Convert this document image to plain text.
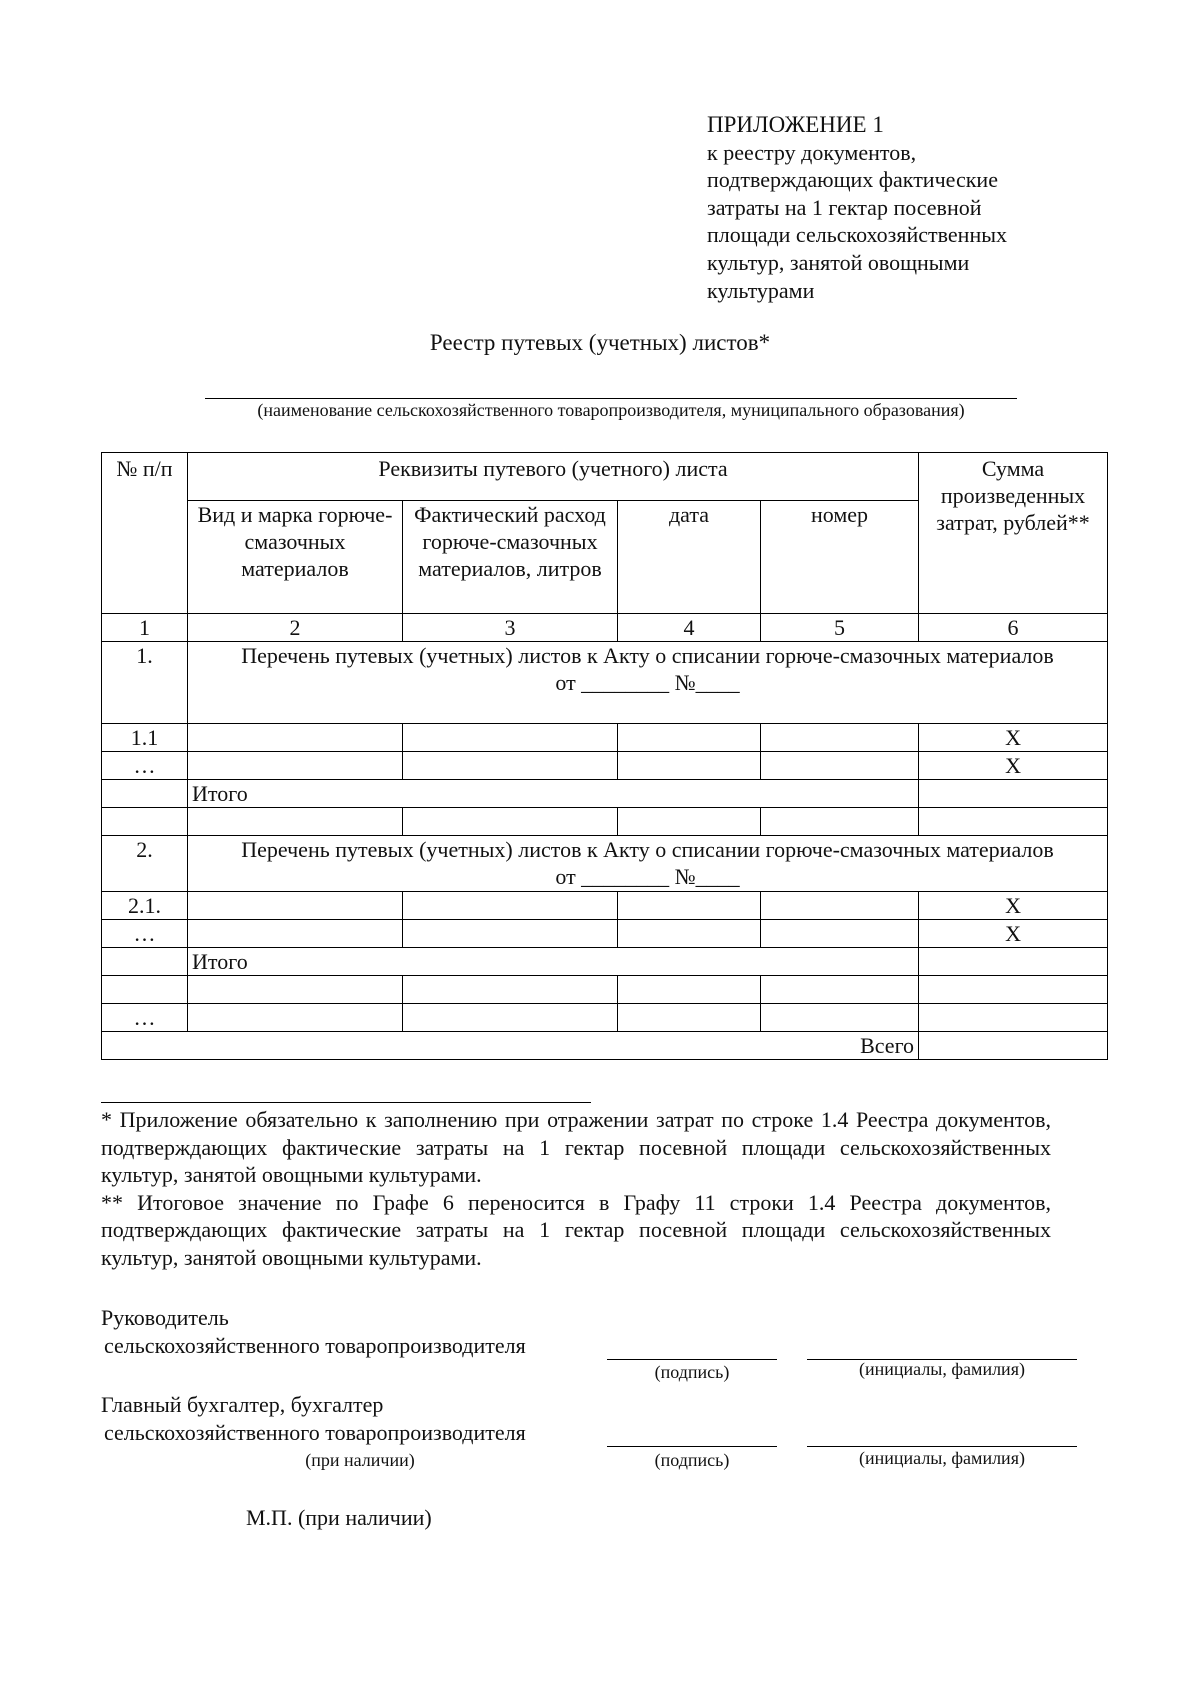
ПРИЛОЖЕНИЕ 1
к реестру документов,
подтверждающих фактические
затраты на 1 гектар посевной
площади сельскохозяйственных
культур, занятой овощными
культурами
Реестр путевых (учетных) листов*
(наименование сельскохозяйственного товаропроизводителя, муниципального образования)
№ п/п	Реквизиты путевого (учетного) листа				Сумма произведенных затрат, рублей**
	Вид и марка горюче-смазочных материалов	Фактический расход горюче-смазочных материалов, литров	дата	номер	
1	2	3	4	5	6
1.	Перечень путевых (учетных) листов к Акту о списании горюче-смазочных материалов
от ________ №____				

1.1					X
…					X
	Итого				

2.	Перечень путевых (учетных) листов к Акту о списании горюче-смазочных материалов
от ________ №____				

2.1.					X
…					X
	Итого				

…					
Всего					

* Приложение обязательно к заполнению при отражении затрат по строке 1.4 Реестра документов, подтверждающих фактические затраты на 1 гектар посевной площади сельскохозяйственных культур, занятой овощными культурами.

** Итоговое значение по Графе 6 переносится в Графу 11 строки 1.4 Реестра документов, подтверждающих фактические затраты на 1 гектар посевной площади сельскохозяйственных культур, занятой овощными культурами.

Руководитель
сельскохозяйственного товаропроизводителя
(подпись)	(инициалы, фамилия)
Главный бухгалтер, бухгалтер
сельскохозяйственного товаропроизводителя
(при наличии)	(подпись)	(инициалы, фамилия)
М.П. (при наличии)
